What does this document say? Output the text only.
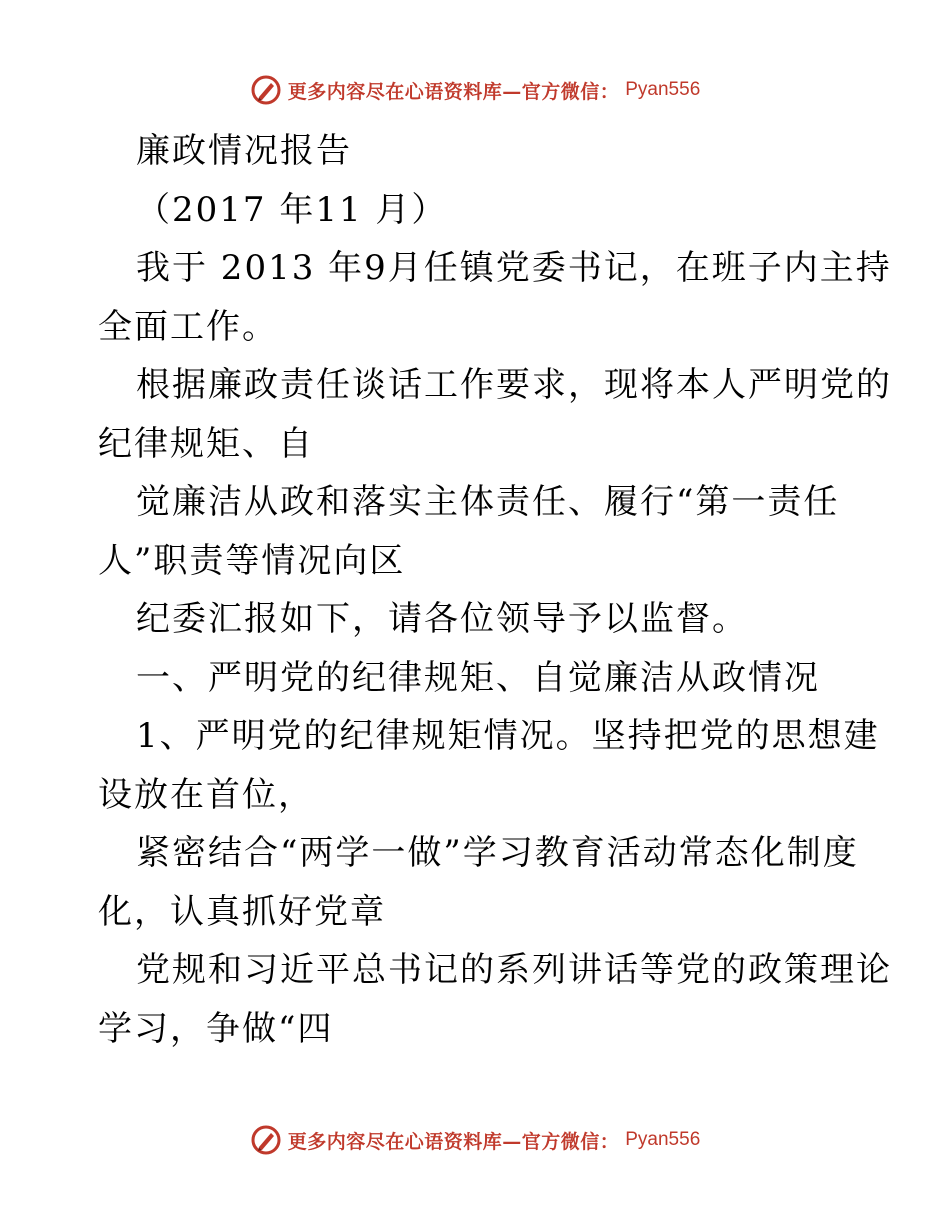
更多内容尽在心语资料库—官方微信： Pyan556
廉政情况报告
（2017 年11 月）
我于 2013 年9月任镇党委书记，在班子内主持
全面工作。
根据廉政责任谈话工作要求，现将本人严明党的
纪律规矩、自
觉廉洁从政和落实主体责任、履行“第一责任
人”职责等情况向区
纪委汇报如下，请各位领导予以监督。
一、严明党的纪律规矩、自觉廉洁从政情况
1、严明党的纪律规矩情况。坚持把党的思想建
设放在首位，
紧密结合“两学一做”学习教育活动常态化制度
化，认真抓好党章
党规和习近平总书记的系列讲话等党的政策理论
学习，争做“四
更多内容尽在心语资料库—官方微信： Pyan556
